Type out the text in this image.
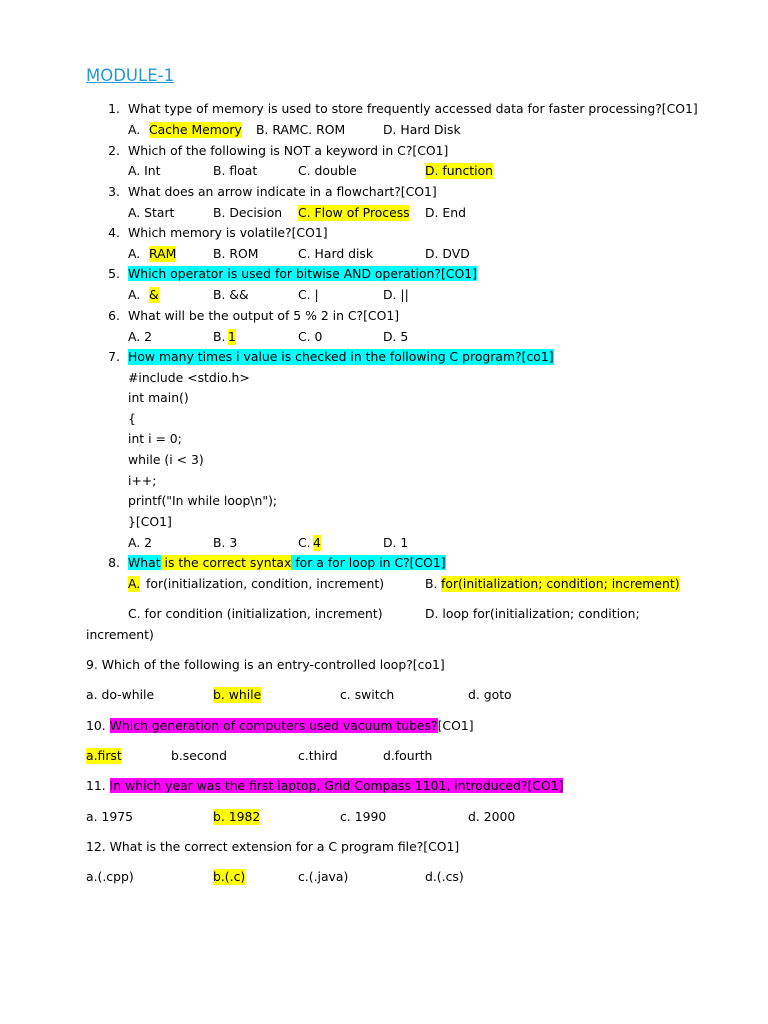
MODULE-1
1. What type of memory is used to store frequently accessed data for faster processing?[CO1]
A. Cache Memory B. RAMC. ROM	D. Hard Disk
2. Which of the following is NOT a keyword in C?[CO1]
A. Int	B. float	C. double	D. function
3. What does an arrow indicate in a flowchart?[CO1]
A. Start	B. Decision C. Flow of Process D. End
4. Which memory is volatile?[CO1]
A. RAM	B. ROM	C. Hard disk	D. DVD
5. Which operator is used for bitwise AND operation?[CO1]
A. &	B. &&	C. |	D. ||
6. What will be the output of 5 % 2 in C?[CO1]
A. 2	B. 1	C. 0	D. 5
7. How many times i value is checked in the following C program?[co1]
#include <stdio.h>
int main()
{
int i = 0;
while (i < 3)
i++;
printf("In while loop\n");
}[CO1]
A. 2	B. 3	C. 4	D. 1
8. What is the correct syntax for a for loop in C?[CO1]
A. for(initialization, condition, increment)	B. for(initialization; condition; increment)
C. for condition (initialization, increment)	D. loop for(initialization; condition;
increment)
9. Which of the following is an entry-controlled loop?[co1]
a. do-while	b. while	c. switch	d. goto
10. Which generation of computers used vacuum tubes?[CO1]
a.first	b.second	c.third	d.fourth
11. In which year was the first laptop, Grid Compass 1101, introduced?[CO1]
a. 1975	b. 1982	c. 1990	d. 2000
12. What is the correct extension for a C program file?[CO1]
a.(.cpp)	b.(.c)	c.(.java)	d.(.cs)
